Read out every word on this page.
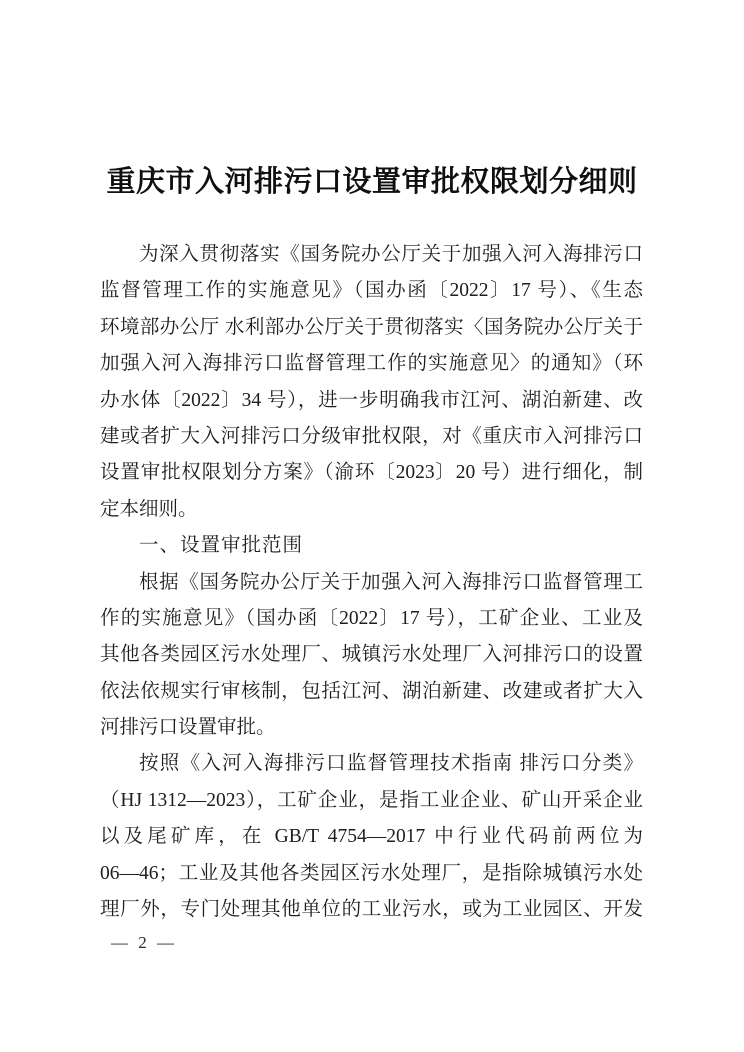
重庆市入河排污口设置审批权限划分细则
为深入贯彻落实《国务院办公厅关于加强入河入海排污口
监督管理工作的实施意见》（国办函〔2022〕17 号）、《生态
环境部办公厅 水利部办公厅关于贯彻落实〈国务院办公厅关于
加强入河入海排污口监督管理工作的实施意见〉的通知》（环
办水体〔2022〕34 号），进一步明确我市江河、湖泊新建、改
建或者扩大入河排污口分级审批权限，对《重庆市入河排污口
设置审批权限划分方案》（渝环〔2023〕20 号）进行细化，制
定本细则。
一、设置审批范围
根据《国务院办公厅关于加强入河入海排污口监督管理工
作的实施意见》（国办函〔2022〕17 号），工矿企业、工业及
其他各类园区污水处理厂、城镇污水处理厂入河排污口的设置
依法依规实行审核制，包括江河、湖泊新建、改建或者扩大入
河排污口设置审批。
按照《入河入海排污口监督管理技术指南 排污口分类》
（HJ 1312—2023），工矿企业，是指工业企业、矿山开采企业
以及尾矿库，在 GB/T 4754—2017 中行业代码前两位为
06—46；工业及其他各类园区污水处理厂，是指除城镇污水处
理厂外，专门处理其他单位的工业污水，或为工业园区、开发
— 2 —
